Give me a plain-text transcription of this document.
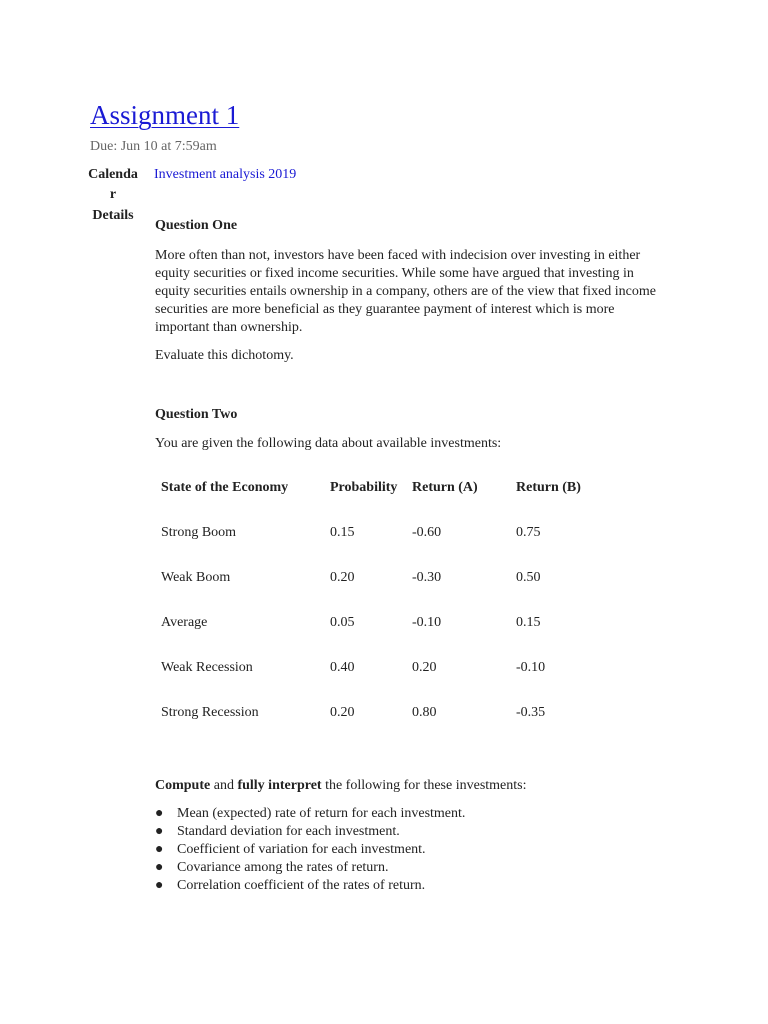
Assignment 1
Due: Jun 10 at 7:59am
Calendar
Details
Investment analysis 2019
Question One
More often than not, investors have been faced with indecision over investing in either equity securities or fixed income securities. While some have argued that investing in equity securities entails ownership in a company, others are of the view that fixed income securities are more beneficial as they guarantee payment of interest which is more important than ownership.
Evaluate this dichotomy.
Question Two
You are given the following data about available investments:
State of the Economy	Probability	Return (A)	Return (B)
Strong Boom	0.15	-0.60	0.75
Weak Boom	0.20	-0.30	0.50
Average	0.05	-0.10	0.15
Weak Recession	0.40	0.20	-0.10
Strong Recession	0.20	0.80	-0.35
Compute and fully interpret the following for these investments:
● Mean (expected) rate of return for each investment.
● Standard deviation for each investment.
● Coefficient of variation for each investment.
● Covariance among the rates of return.
● Correlation coefficient of the rates of return.
